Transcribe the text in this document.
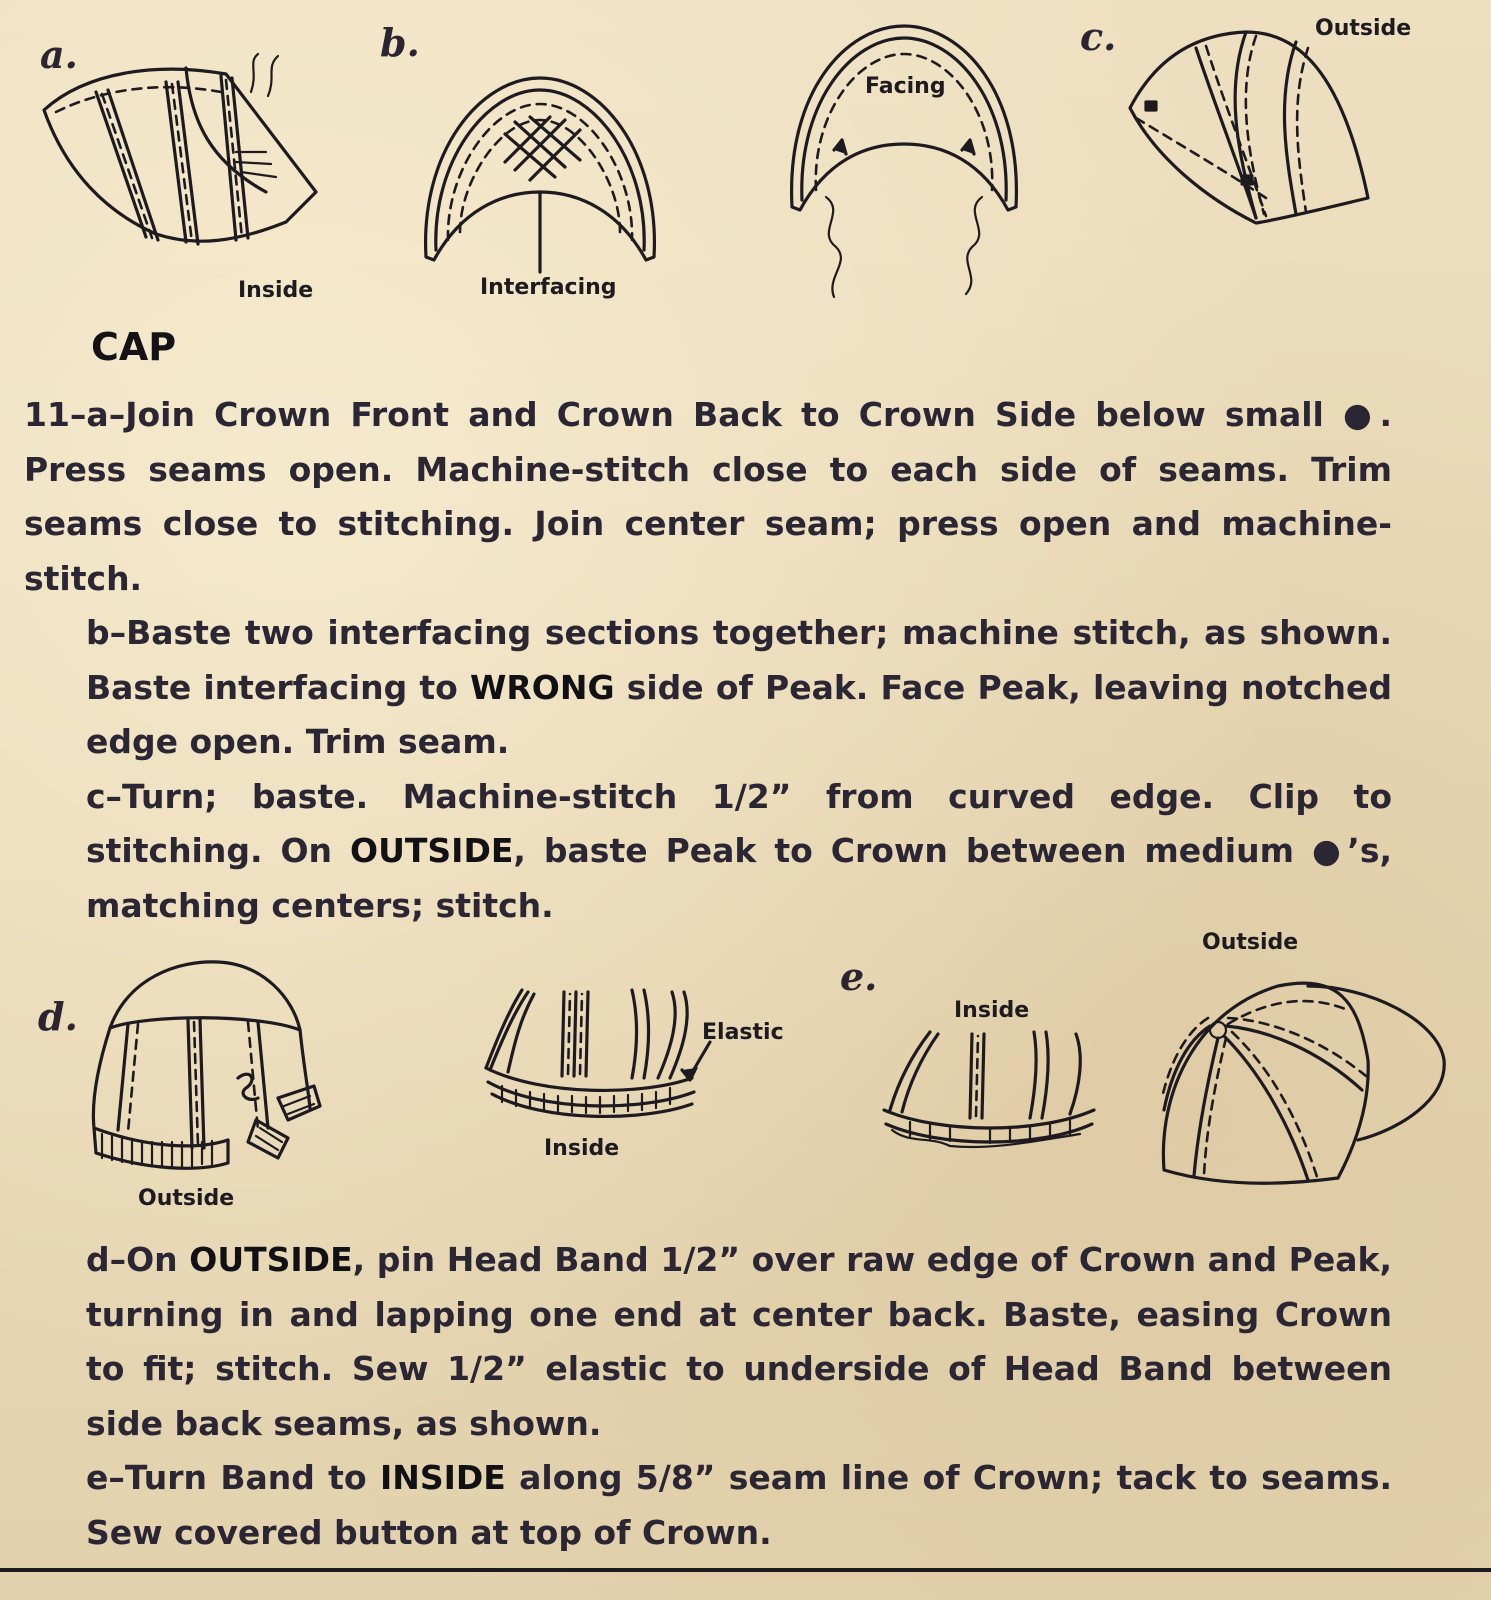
a.
Inside
b.
Interfacing
Facing
c.	Outside
CAP
11–a–Join Crown Front and Crown Back to Crown Side below small ●. Press seams open. Machine-stitch close to each side of seams. Trim seams close to stitching. Join center seam; press open and machine-stitch.
b–Baste two interfacing sections together; machine stitch, as shown. Baste interfacing to WRONG side of Peak. Face Peak, leaving notched edge open. Trim seam.
c–Turn; baste. Machine-stitch 1/2” from curved edge. Clip to stitching. On OUTSIDE, baste Peak to Crown between medium ●’s, matching centers; stitch.
d.
Outside
Elastic
Inside
e.
Inside
Outside
d–On OUTSIDE, pin Head Band 1/2” over raw edge of Crown and Peak, turning in and lapping one end at center back. Baste, easing Crown to fit; stitch. Sew 1/2” elastic to underside of Head Band between side back seams, as shown.
e–Turn Band to INSIDE along 5/8” seam line of Crown; tack to seams. Sew covered button at top of Crown.
